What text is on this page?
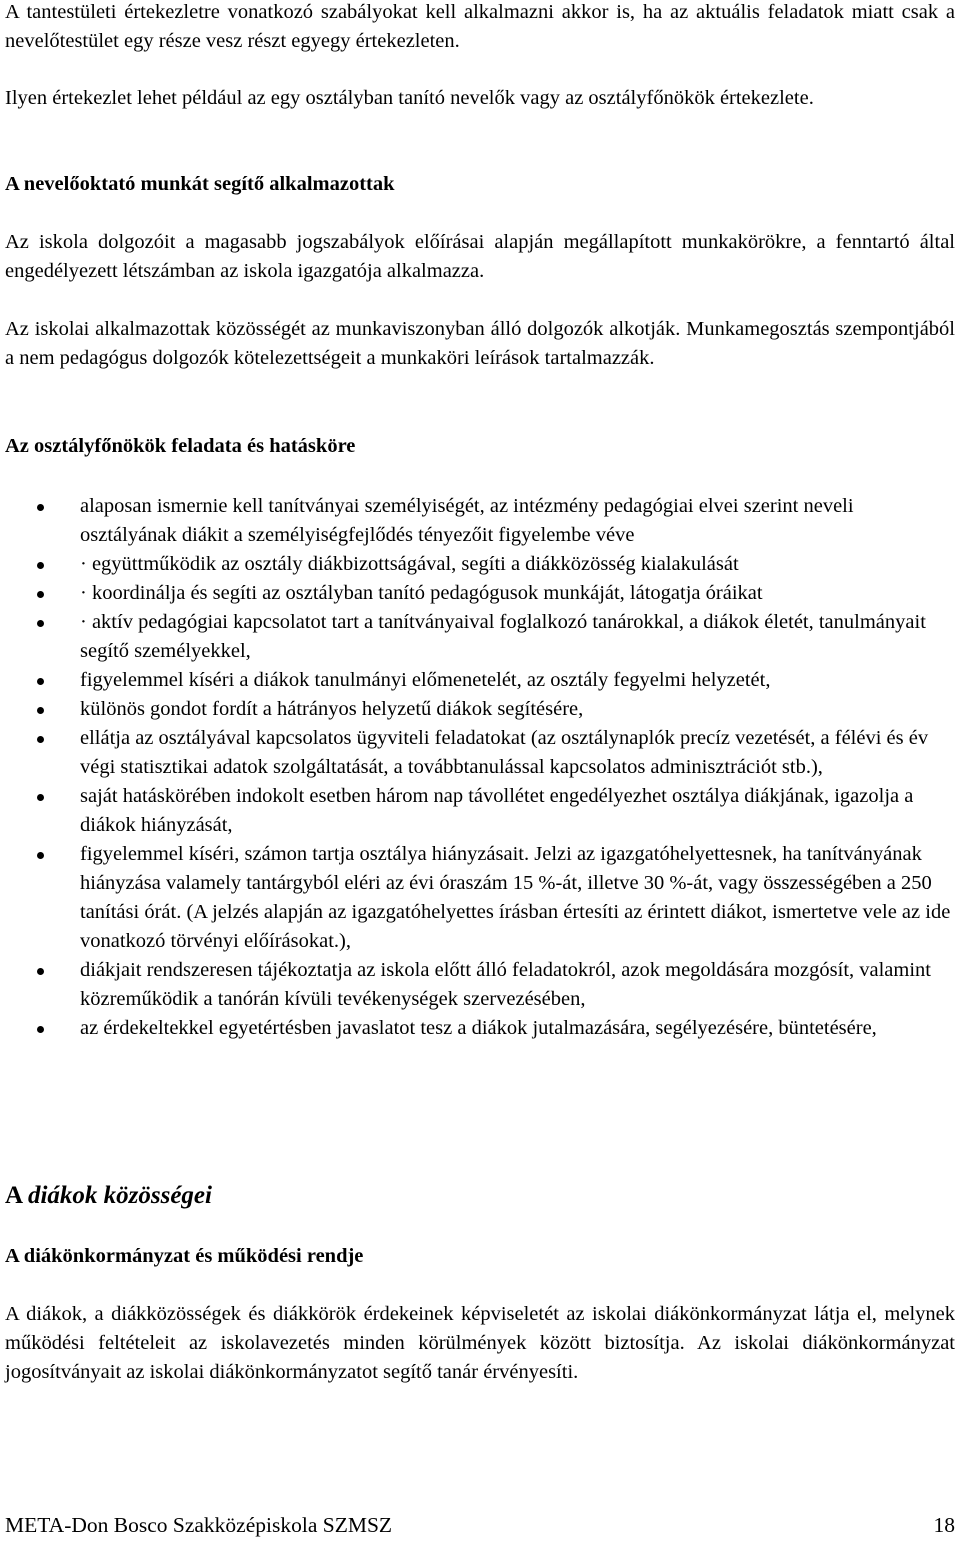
A tantestületi értekezletre vonatkozó szabályokat kell alkalmazni akkor is, ha az aktuális feladatok miatt csak a nevelőtestület egy része vesz részt egyegy értekezleten.

Ilyen értekezlet lehet például az egy osztályban tanító nevelők vagy az osztályfőnökök értekezlete.

A nevelőoktató munkát segítő alkalmazottak

Az iskola dolgozóit a magasabb jogszabályok előírásai alapján megállapított munkakörökre, a fenntartó által engedélyezett létszámban az iskola igazgatója alkalmazza.

Az iskolai alkalmazottak közösségét az munkaviszonyban álló dolgozók alkotják. Munkamegosztás szempontjából a nem pedagógus dolgozók kötelezettségeit a munkaköri leírások tartalmazzák.

Az osztályfőnökök feladata és hatásköre
alaposan ismernie kell tanítványai személyiségét, az intézmény pedagógiai elvei szerint neveli osztályának diákit a személyiségfejlődés tényezőit figyelembe véve
· együttműködik az osztály diákbizottságával, segíti a diákközösség kialakulását
· koordinálja és segíti az osztályban tanító pedagógusok munkáját, látogatja óráikat
· aktív pedagógiai kapcsolatot tart a tanítványaival foglalkozó tanárokkal, a diákok életét, tanulmányait segítő személyekkel,
figyelemmel kíséri a diákok tanulmányi előmenetelét, az osztály fegyelmi helyzetét,
különös gondot fordít a hátrányos helyzetű diákok segítésére,
ellátja az osztályával kapcsolatos ügyviteli feladatokat (az osztálynaplók precíz vezetését, a félévi és év végi statisztikai adatok szolgáltatását, a továbbtanulással kapcsolatos adminisztrációt stb.),
saját hatáskörében indokolt esetben három nap távollétet engedélyezhet osztálya diákjának, igazolja a diákok hiányzását,
figyelemmel kíséri, számon tartja osztálya hiányzásait. Jelzi az igazgatóhelyettesnek, ha tanítványának hiányzása valamely tantárgyból eléri az évi óraszám 15 %-át, illetve 30 %-át, vagy összességében a 250 tanítási órát. (A jelzés alapján az igazgatóhelyettes írásban értesíti az érintett diákot, ismertetve vele az ide vonatkozó törvényi előírásokat.),
diákjait rendszeresen tájékoztatja az iskola előtt álló feladatokról, azok megoldására mozgósít, valamint közreműködik a tanórán kívüli tevékenységek szervezésében,
az érdekeltekkel egyetértésben javaslatot tesz a diákok jutalmazására, segélyezésére, büntetésére,
A diákok közösségei
A diákönkormányzat és működési rendje

A diákok, a diákközösségek és diákkörök érdekeinek képviseletét az iskolai diákönkormányzat látja el, melynek működési feltételeit az iskolavezetés minden körülmények között biztosítja. Az iskolai diákönkormányzat jogosítványait az iskolai diákönkormányzatot segítő tanár érvényesíti.

META-Don Bosco Szakközépiskola SZMSZ	18
